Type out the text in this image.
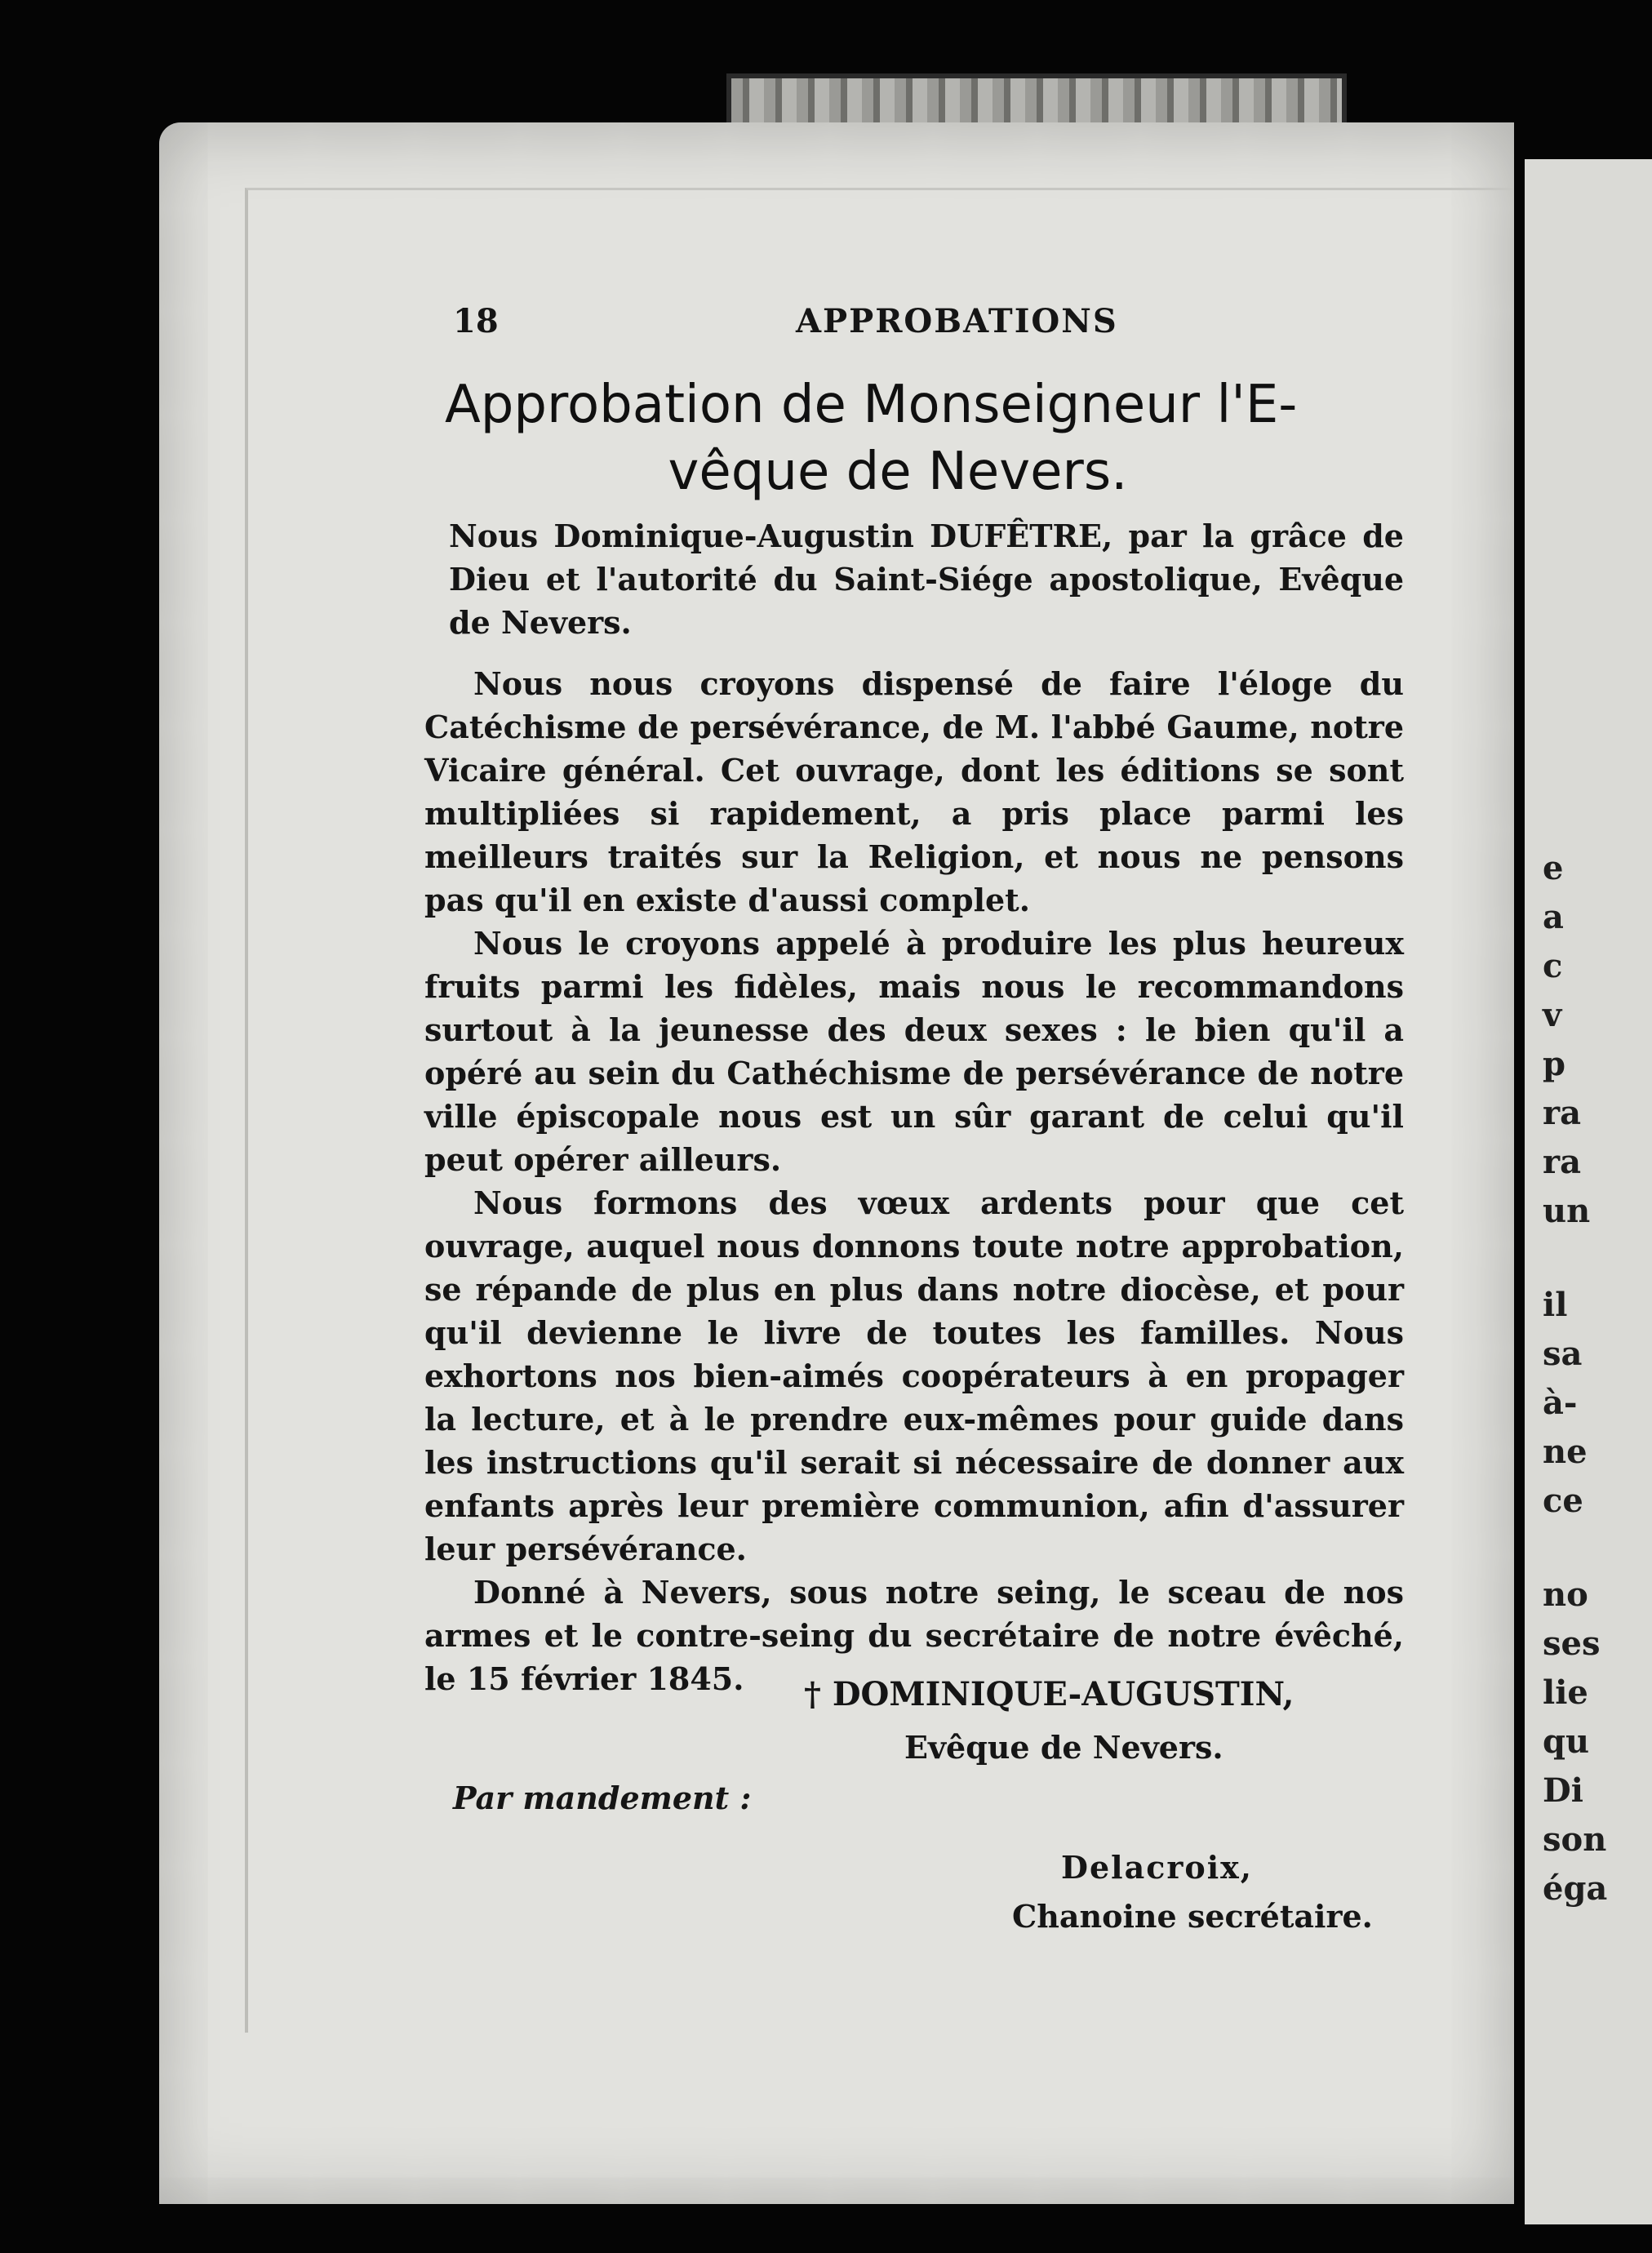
e
a
c
v
p
ra
ra
un
il
sa
à-
ne
ce
no
ses
lie
qu
Di
son
éga
18	APPROBATIONS
Approbation de Monseigneur l'E-
vêque de Nevers.

Nous Dominique-Augustin DUFÊTRE, par la grâce de Dieu et l'autorité du Saint-Siége apostolique, Evêque de Nevers.

Nous nous croyons dispensé de faire l'éloge du Catéchisme de persévérance, de M. l'abbé Gaume, notre Vicaire général. Cet ouvrage, dont les éditions se sont multipliées si rapidement, a pris place parmi les meilleurs traités sur la Religion, et nous ne pensons pas qu'il en existe d'aussi complet.

Nous le croyons appelé à produire les plus heureux fruits parmi les fidèles, mais nous le recommandons surtout à la jeunesse des deux sexes : le bien qu'il a opéré au sein du Cathéchisme de persévérance de notre ville épiscopale nous est un sûr garant de celui qu'il peut opérer ailleurs.

Nous formons des vœux ardents pour que cet ouvrage, auquel nous donnons toute notre approbation, se répande de plus en plus dans notre diocèse, et pour qu'il devienne le livre de toutes les familles. Nous exhortons nos bien-aimés coopérateurs à en propager la lecture, et à le prendre eux-mêmes pour guide dans les instructions qu'il serait si nécessaire de donner aux enfants après leur première communion, afin d'assurer leur persévérance.

Donné à Nevers, sous notre seing, le sceau de nos armes et le contre-seing du secrétaire de notre évêché, le 15 février 1845.	† DOMINIQUE-AUGUSTIN,
Evêque de Nevers.
Par mandement :
Delacroix,
Chanoine secrétaire.
